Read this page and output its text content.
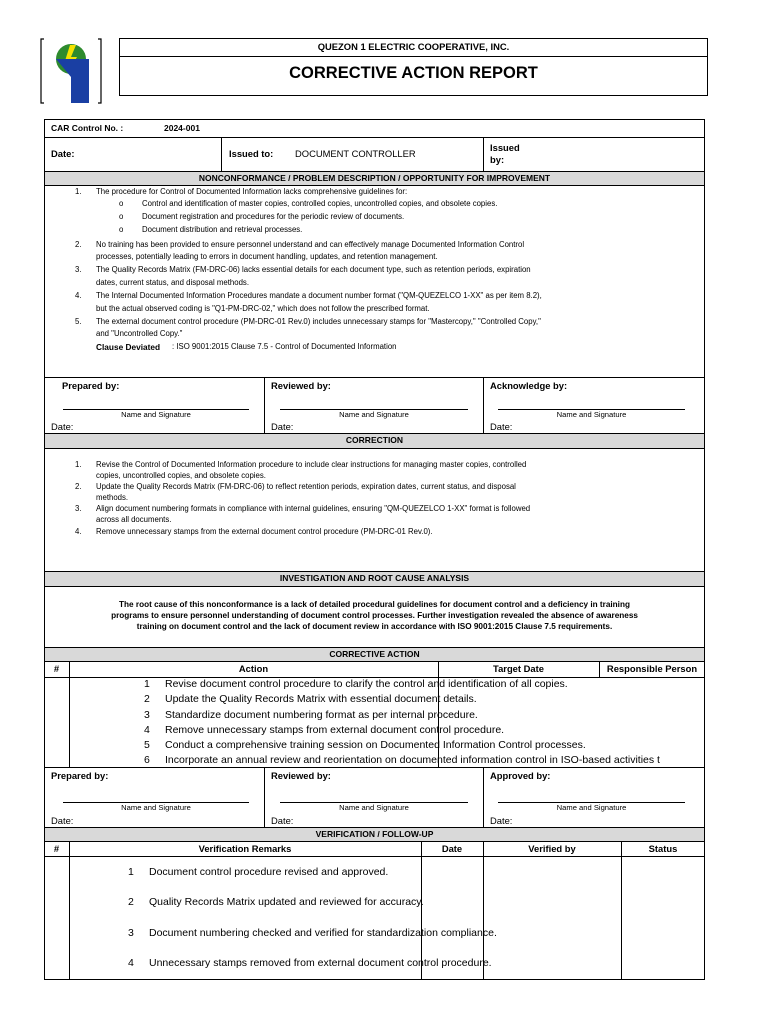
QUEZON 1 ELECTRIC COOPERATIVE, INC.
CORRECTIVE ACTION REPORT
CAR Control No. :	2024-001
Date:	Issued to: DOCUMENT CONTROLLER
Issued by:
NONCONFORMANCE / PROBLEM DESCRIPTION / OPPORTUNITY FOR IMPROVEMENT
1. The procedure for Control of Documented Information lacks comprehensive guidelines for:
o Control and identification of master copies, controlled copies, uncontrolled copies, and obsolete copies.
o Document registration and procedures for the periodic review of documents.
o Document distribution and retrieval processes.
2. No training has been provided to ensure personnel understand and can effectively manage Documented Information Control
processes, potentially leading to errors in document handling, updates, and retention management.
3. The Quality Records Matrix (FM-DRC-06) lacks essential details for each document type, such as retention periods, expiration
dates, current status, and disposal methods.
4. The Internal Documented Information Procedures mandate a document number format ("QM-QUEZELCO 1-XX" as per item 8.2),
but the actual observed coding is "Q1-PM-DRC-02," which does not follow the prescribed format.
5. The external document control procedure (PM-DRC-01 Rev.0) includes unnecessary stamps for "Mastercopy," "Controlled Copy,"
and "Uncontrolled Copy."
Clause Deviated : ISO 9001:2015 Clause 7.5 - Control of Documented Information
Prepared by:	Reviewed by:	Acknowledge by:
Name and Signature	Name and Signature	Name and Signature
Date:	Date:	Date:
CORRECTION
1. Revise the Control of Documented Information procedure to include clear instructions for managing master copies, controlled
copies, uncontrolled copies, and obsolete copies.
2. Update the Quality Records Matrix (FM-DRC-06) to reflect retention periods, expiration dates, current status, and disposal
methods.
3. Align document numbering formats in compliance with internal guidelines, ensuring "QM-QUEZELCO 1-XX" format is followed
across all documents.
4. Remove unnecessary stamps from the external document control procedure (PM-DRC-01 Rev.0).
INVESTIGATION AND ROOT CAUSE ANALYSIS
The root cause of this nonconformance is a lack of detailed procedural guidelines for document control and a deficiency in training
programs to ensure personnel understanding of document control processes. Further investigation revealed the absence of awareness
training on document control and the lack of document review in accordance with ISO 9001:2015 Clause 7.5 requirements.
CORRECTIVE ACTION
#	Action	Target Date	Responsible Person
1 Revise document control procedure to clarify the control and identification of all copies.
2 Update the Quality Records Matrix with essential document details.
3 Standardize document numbering format as per internal procedure.
4 Remove unnecessary stamps from external document control procedure.
5 Conduct a comprehensive training session on Documented Information Control processes.
6 Incorporate an annual review and reorientation on documented information control in ISO-based activities t
Prepared by:	Reviewed by:	Approved by:
Name and Signature	Name and Signature	Name and Signature
Date:	Date:	Date:
VERIFICATION / FOLLOW-UP
#	Verification Remarks	Date	Verified by	Status
1 Document control procedure revised and approved.
2 Quality Records Matrix updated and reviewed for accuracy.
3 Document numbering checked and verified for standardization compliance.
4 Unnecessary stamps removed from external document control procedure.
